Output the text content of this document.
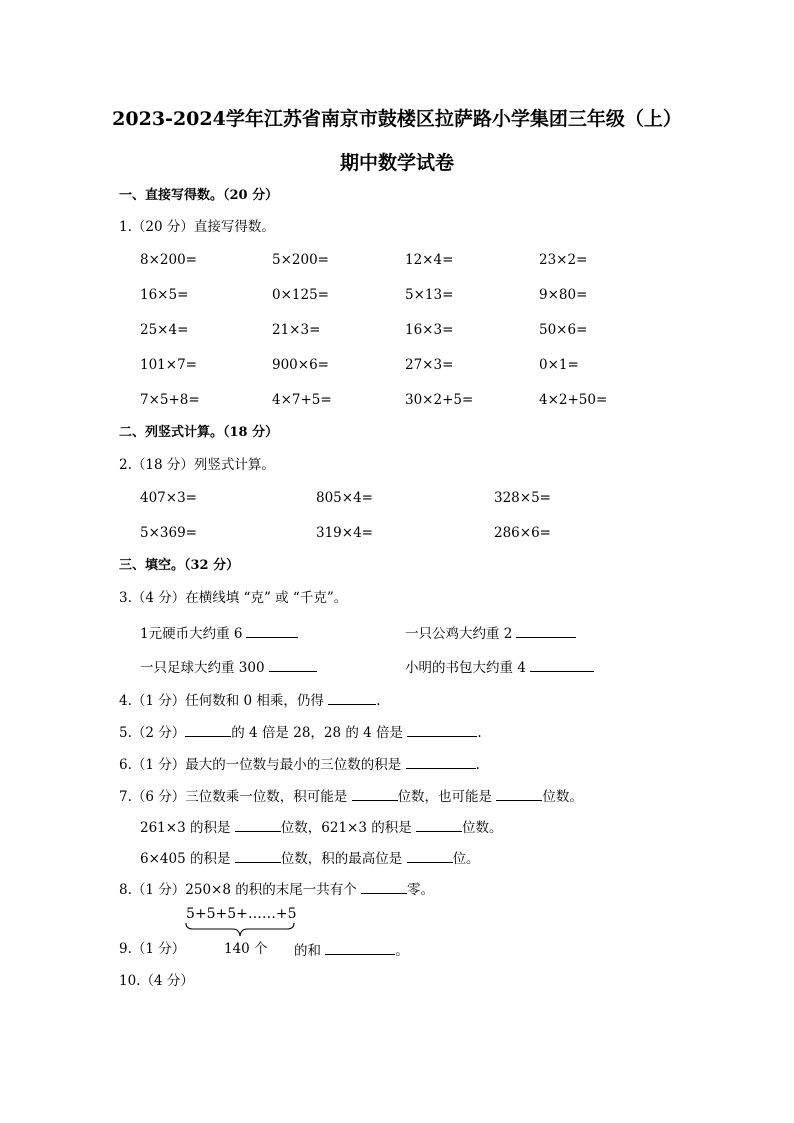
2023-2024学年江苏省南京市鼓楼区拉萨路小学集团三年级（上）
期中数学试卷
一、直接写得数。（20 分）
1.（20 分）直接写得数。
8×200=	5×200=	12×4=	23×2=
16×5=	0×125=	5×13=	9×80=
25×4=	21×3=	16×3=	50×6=
101×7=	900×6=	27×3=	0×1=
7×5+8=	4×7+5=	30×2+5=	4×2+50=
二、列竖式计算。（18 分）
2.（18 分）列竖式计算。
407×3=	805×4=	328×5=
5×369=	319×4=	286×6=
三、填空。（32 分）
3.（4 分）在横线填 “克” 或 “千克”。
1元硬币大约重 6	一只公鸡大约重 2
一只足球大约重 300	小明的书包大约重 4
4.（1 分）任何数和 0 相乘，仍得	.
5.（2 分）	的 4 倍是 28，28 的 4 倍是	.
6.（1 分）最大的一位数与最小的三位数的积是	.
7.（6 分）三位数乘一位数，积可能是	位数，也可能是	位数。
261×3 的积是	位数，621×3 的积是	位数。
6×405 的积是	位数，积的最高位是	位。
8.（1 分）250×8 的积的末尾一共有个	零。
5+5+5+……+5
140 个
9.（1 分）	的和	。
10.（4 分）
